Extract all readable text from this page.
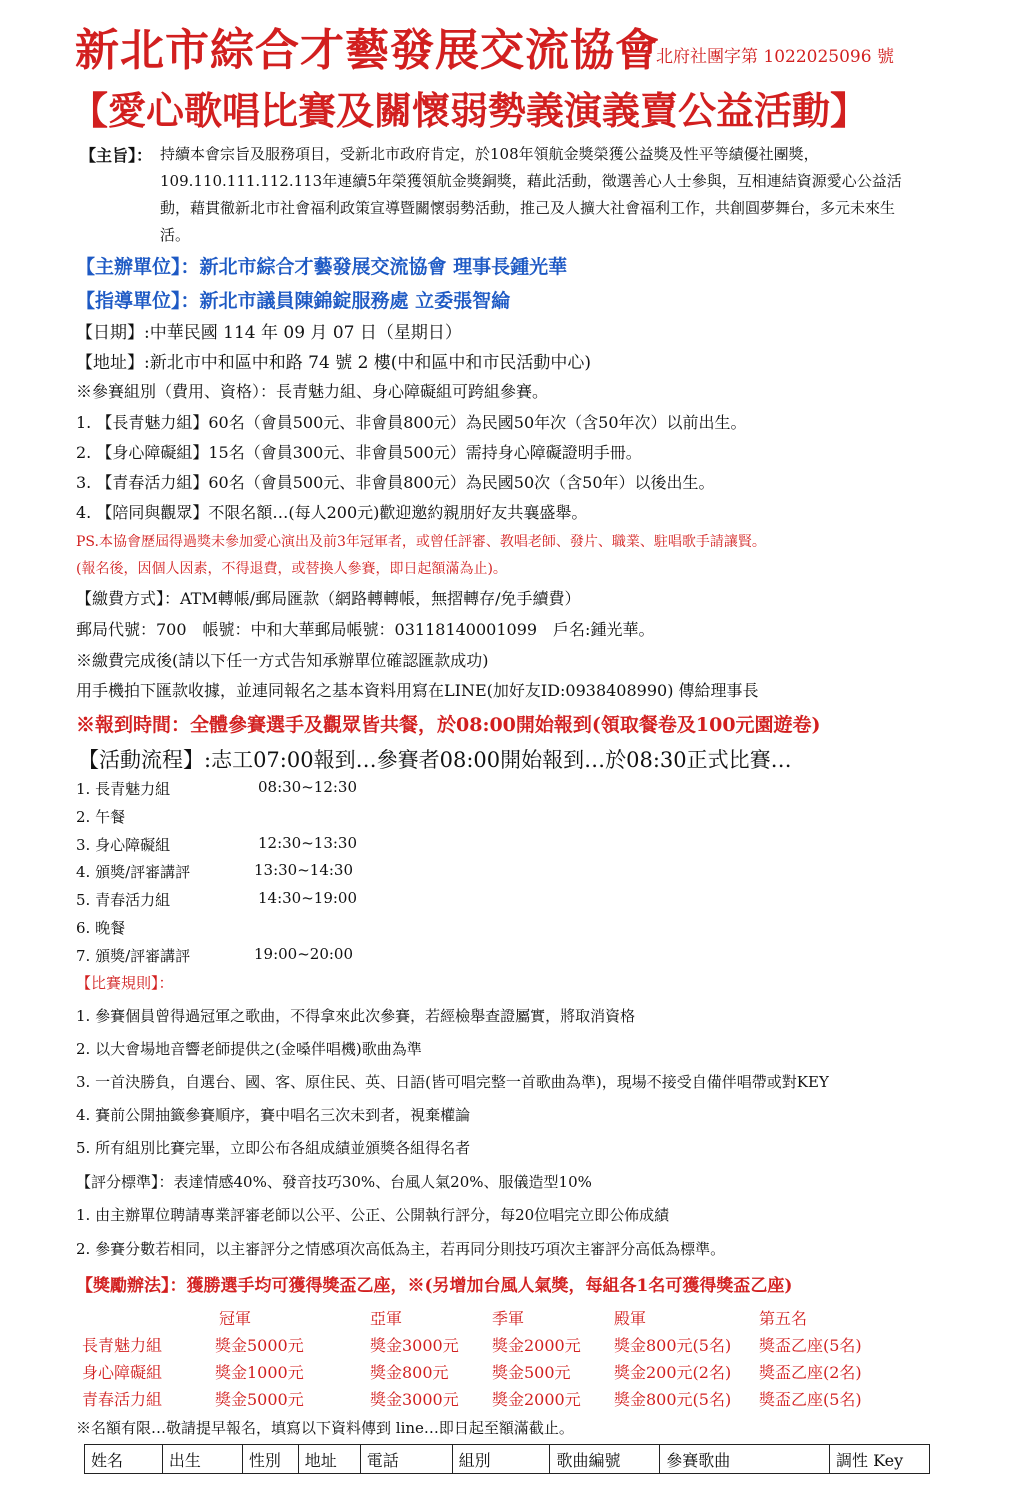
新北市綜合才藝發展交流協會
北府社團字第 1022025096 號
【愛心歌唱比賽及關懷弱勢義演義賣公益活動】
【主旨】： 持續本會宗旨及服務項目，受新北市政府肯定，於108年領航金獎榮獲公益獎及性平等績優社團獎，109.110.111.112.113年連續5年榮獲領航金獎銅獎，藉此活動，徵選善心人士參與，互相連結資源愛心公益活動，藉貫徹新北市社會福利政策宣導暨關懷弱勢活動，推己及人擴大社會福利工作，共創圓夢舞台，多元未來生活。
【主辦單位】：新北市綜合才藝發展交流協會 理事長鍾光華
【指導單位】：新北市議員陳錦錠服務處 立委張智綸
【日期】:中華民國 114 年 09 月 07 日（星期日）
【地址】:新北市中和區中和路 74 號 2 樓(中和區中和市民活動中心)
※參賽組別（費用、資格）：長青魅力組、身心障礙組可跨組參賽。
1. 【長青魅力組】60名（會員500元、非會員800元）為民國50年次（含50年次）以前出生。
2. 【身心障礙組】15名（會員300元、非會員500元）需持身心障礙證明手冊。
3. 【青春活力組】60名（會員500元、非會員800元）為民國50次（含50年）以後出生。
4. 【陪同與觀眾】不限名額…(每人200元)歡迎邀約親朋好友共襄盛舉。
PS.本協會歷屆得過獎未參加愛心演出及前3年冠軍者，或曾任評審、教唱老師、發片、職業、駐唱歌手請讓賢。
(報名後，因個人因素，不得退費，或替換人參賽，即日起額滿為止)。
【繳費方式】：ATM轉帳/郵局匯款（網路轉轉帳，無摺轉存/免手續費）
郵局代號：700　帳號：中和大華郵局帳號：03118140001099　戶名:鍾光華。
※繳費完成後(請以下任一方式告知承辦單位確認匯款成功)
用手機拍下匯款收據，並連同報名之基本資料用寫在LINE(加好友ID:0938408990) 傳給理事長
※報到時間：全體參賽選手及觀眾皆共餐，於08:00開始報到(領取餐卷及100元園遊卷)
【活動流程】:志工07:00報到…參賽者08:00開始報到…於08:30正式比賽…
1. 長青魅力組	08:30~12:30
2. 午餐
3. 身心障礙組	12:30~13:30
4. 頒獎/評審講評	13:30~14:30
5. 青春活力組	14:30~19:00
6. 晚餐
7. 頒獎/評審講評	19:00~20:00
【比賽規則】：
1. 參賽個員曾得過冠軍之歌曲，不得拿來此次參賽，若經檢舉查證屬實，將取消資格
2. 以大會場地音響老師提供之(金嗓伴唱機)歌曲為準
3. 一首決勝負，自選台、國、客、原住民、英、日語(皆可唱完整一首歌曲為準)，現場不接受自備伴唱帶或對KEY
4. 賽前公開抽籤參賽順序，賽中唱名三次未到者，視棄權論
5. 所有組別比賽完畢，立即公布各組成績並頒獎各組得名者
【評分標準】：表達情感40%、發音技巧30%、台風人氣20%、服儀造型10%
1. 由主辦單位聘請專業評審老師以公平、公正、公開執行評分，每20位唱完立即公佈成績
2. 參賽分數若相同，以主審評分之情感項次高低為主，若再同分則技巧項次主審評分高低為標準。
【獎勵辦法】：獲勝選手均可獲得獎盃乙座，※(另增加台風人氣獎，每組各1名可獲得獎盃乙座)
	冠軍	亞軍	季軍	殿軍	第五名
長青魅力組	獎金5000元	獎金3000元	獎金2000元	獎金800元(5名)	獎盃乙座(5名)
身心障礙組	獎金1000元	獎金800元	獎金500元	獎金200元(2名)	獎盃乙座(2名)
青春活力組	獎金5000元	獎金3000元	獎金2000元	獎金800元(5名)	獎盃乙座(5名)
※名額有限…敬請提早報名，填寫以下資料傳到 line…即日起至額滿截止。
姓名	出生	性別	地址	電話	組別	歌曲編號	參賽歌曲	調性 Key
